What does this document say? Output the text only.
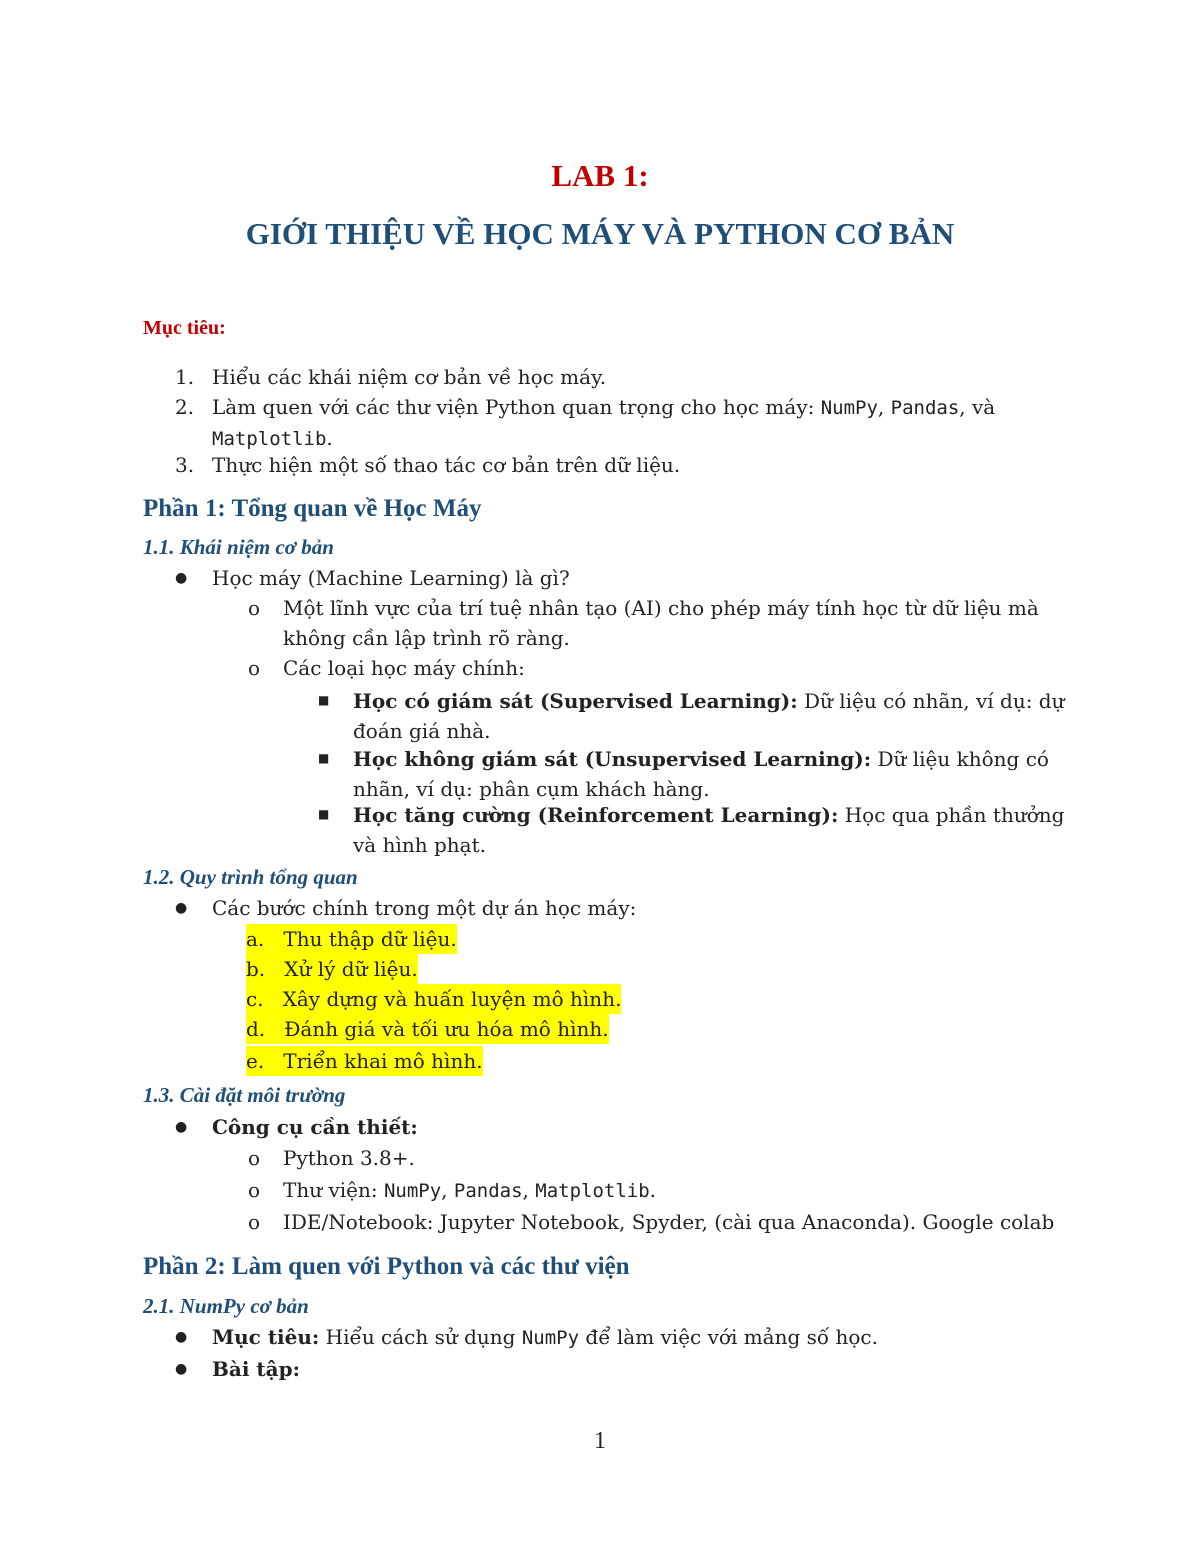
LAB 1:
GIỚI THIỆU VỀ HỌC MÁY VÀ PYTHON CƠ BẢN
Mục tiêu:
1. Hiểu các khái niệm cơ bản về học máy.
2. Làm quen với các thư viện Python quan trọng cho học máy: NumPy, Pandas, và
Matplotlib.
3. Thực hiện một số thao tác cơ bản trên dữ liệu.
Phần 1: Tổng quan về Học Máy
1.1. Khái niệm cơ bản
● Học máy (Machine Learning) là gì?
o Một lĩnh vực của trí tuệ nhân tạo (AI) cho phép máy tính học từ dữ liệu mà không cần lập trình rõ ràng.
o Các loại học máy chính:
■ Học có giám sát (Supervised Learning): Dữ liệu có nhãn, ví dụ: dự đoán giá nhà.
■ Học không giám sát (Unsupervised Learning): Dữ liệu không có nhãn, ví dụ: phân cụm khách hàng.
■ Học tăng cường (Reinforcement Learning): Học qua phần thưởng và hình phạt.
1.2. Quy trình tổng quan
● Các bước chính trong một dự án học máy:
a. Thu thập dữ liệu.
b. Xử lý dữ liệu.
c. Xây dựng và huấn luyện mô hình.
d. Đánh giá và tối ưu hóa mô hình.
e. Triển khai mô hình.
1.3. Cài đặt môi trường
● Công cụ cần thiết:
o Python 3.8+.
o Thư viện: NumPy, Pandas, Matplotlib.
o IDE/Notebook: Jupyter Notebook, Spyder, (cài qua Anaconda). Google colab
Phần 2: Làm quen với Python và các thư viện
2.1. NumPy cơ bản
● Mục tiêu: Hiểu cách sử dụng NumPy để làm việc với mảng số học.
● Bài tập:
1
